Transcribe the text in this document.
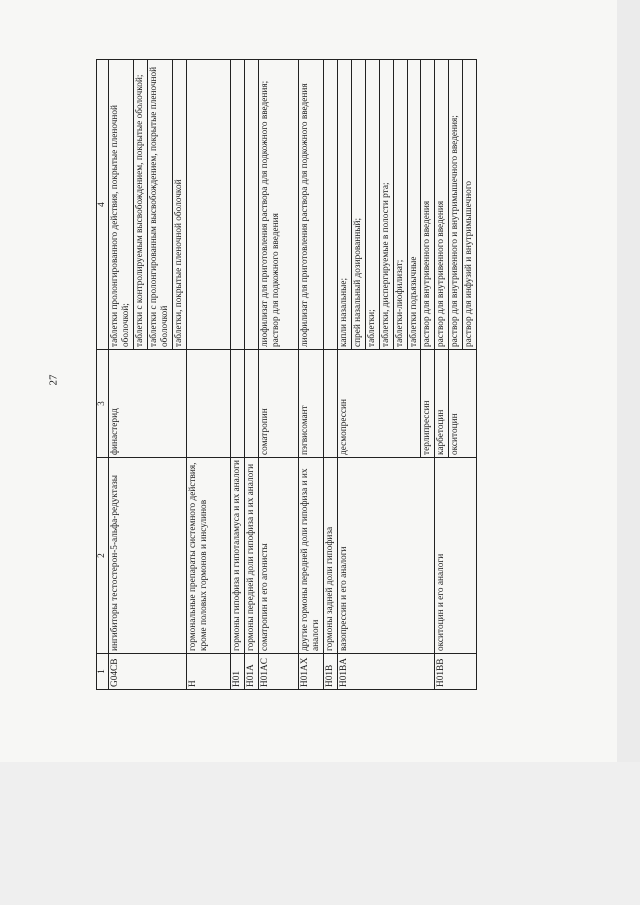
27
1	2	3	4
G04CB	ингибиторы тестостерон-5-альфа-редуктазы	финастерид	таблетки пролонгированного действия, покрытые пленочной оболочкой;
			таблетки с контролируемым высвобождением, покрытые оболочкой;
			таблетки с пролонгированным высвобождением, покрытые пленочной оболочкой
			таблетки, покрытые пленочной оболочкой
H	гормональные препараты системного действия, кроме половых гормонов и инсулинов		
H01	гормоны гипофиза и гипоталамуса и их аналоги		
H01A	гормоны передней доли гипофиза и их аналоги		
H01AC	соматропин и его агонисты	соматропин	лиофилизат для приготовления раствора для подкожного введения; раствор для подкожного введения
H01AX	другие гормоны передней доли гипофиза и их аналоги	пэгвисомант	лиофилизат для приготовления раствора для подкожного введения
H01B	гормоны задней доли гипофиза		
H01BA	вазопрессин и его аналоги	десмопрессин	капли назальные;
			спрей назальный дозированный;
			таблетки;
			таблетки, диспергируемые в полости рта;
			таблетки-лиофилизат;
			таблетки подъязычные
		терлипрессин	раствор для внутривенного введения
H01BB	окситоцин и его аналоги	карбетоцин	раствор для внутривенного введения
		окситоцин	раствор для внутривенного и внутримышечного введения;
			раствор для инфузий и внутримышечного
